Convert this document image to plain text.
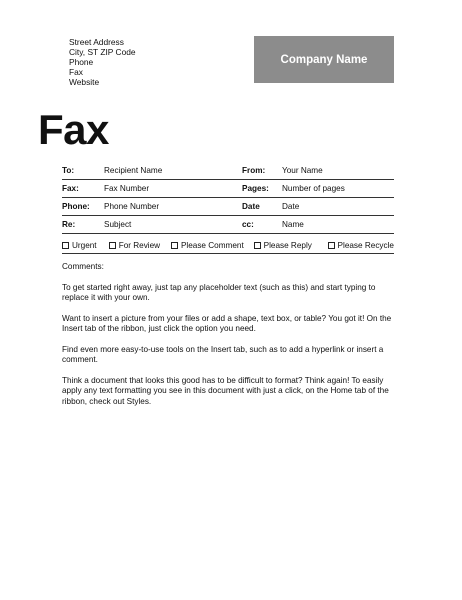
Street Address
City, ST ZIP Code
Phone
Fax
Website
Company Name
Fax
To:	Recipient Name	From:	Your Name
Fax:	Fax Number	Pages:	Number of pages
Phone:	Phone Number	Date	Date
Re:	Subject	cc:	Name
Urgent	For Review	Please Comment Please Reply	Please Recycle

Comments:

To get started right away, just tap any placeholder text (such as this) and start typing to replace it with your own.

Want to insert a picture from your files or add a shape, text box, or table? You got it! On the Insert tab of the ribbon, just click the option you need.

Find even more easy-to-use tools on the Insert tab, such as to add a hyperlink or insert a comment.

Think a document that looks this good has to be difficult to format? Think again! To easily apply any text formatting you see in this document with just a click, on the Home tab of the ribbon, check out Styles.
